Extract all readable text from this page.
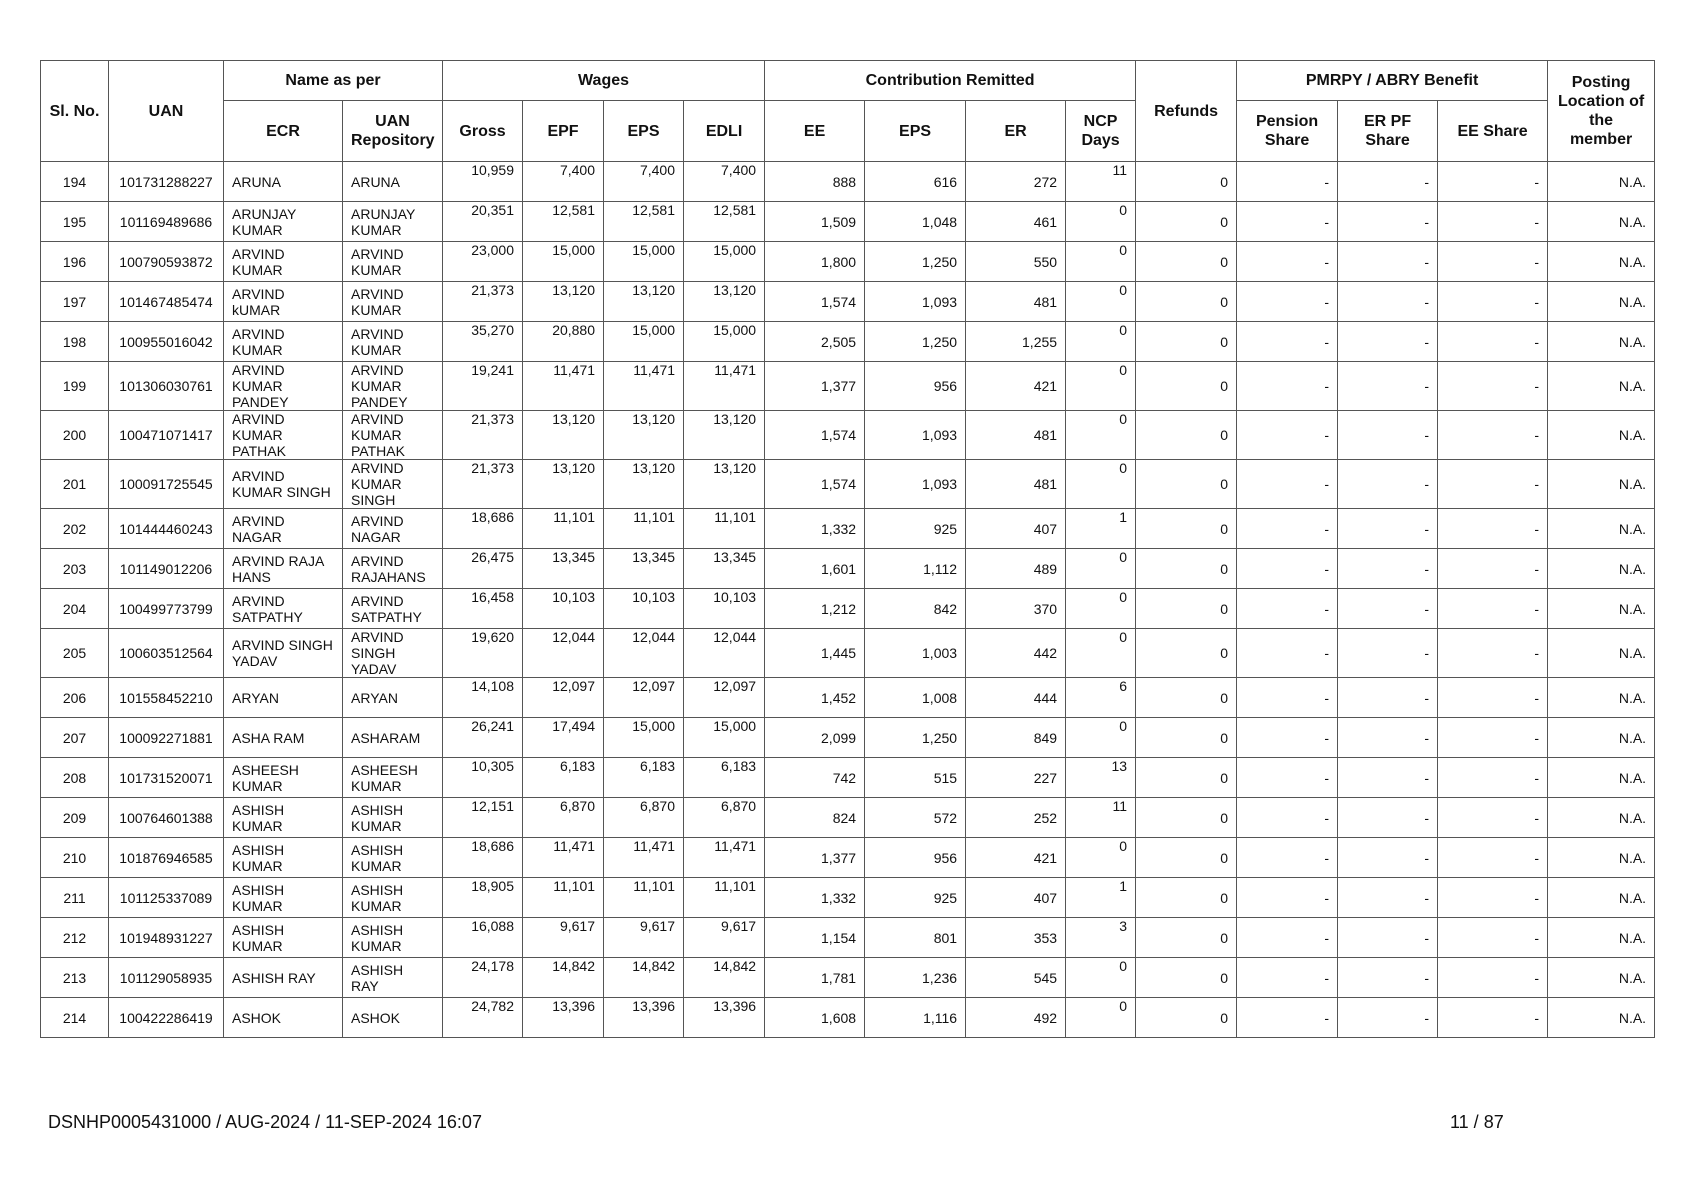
Sl. No.	UAN	Name as per		Wages				Contribution Remitted				Refunds	PMRPY / ABRY Benefit			Posting Location of the member
		ECR	UAN Repository	Gross	EPF	EPS	EDLI	EE	EPS	ER	NCP Days		Pension Share	ER PF Share	EE Share	
194	101731288227	ARUNA	ARUNA	10,959	7,400	7,400	7,400	888	616	272	11	0	-	-	-	N.A.
195	101169489686	ARUNJAY KUMAR	ARUNJAY KUMAR	20,351	12,581	12,581	12,581	1,509	1,048	461	0	0	-	-	-	N.A.
196	100790593872	ARVIND KUMAR	ARVIND KUMAR	23,000	15,000	15,000	15,000	1,800	1,250	550	0	0	-	-	-	N.A.
197	101467485474	ARVIND kUMAR	ARVIND KUMAR	21,373	13,120	13,120	13,120	1,574	1,093	481	0	0	-	-	-	N.A.
198	100955016042	ARVIND KUMAR	ARVIND KUMAR	35,270	20,880	15,000	15,000	2,505	1,250	1,255	0	0	-	-	-	N.A.
199	101306030761	ARVIND KUMAR PANDEY	ARVIND KUMAR PANDEY	19,241	11,471	11,471	11,471	1,377	956	421	0	0	-	-	-	N.A.
200	100471071417	ARVIND KUMAR PATHAK	ARVIND KUMAR PATHAK	21,373	13,120	13,120	13,120	1,574	1,093	481	0	0	-	-	-	N.A.
201	100091725545	ARVIND KUMAR SINGH	ARVIND KUMAR SINGH	21,373	13,120	13,120	13,120	1,574	1,093	481	0	0	-	-	-	N.A.
202	101444460243	ARVIND NAGAR	ARVIND NAGAR	18,686	11,101	11,101	11,101	1,332	925	407	1	0	-	-	-	N.A.
203	101149012206	ARVIND RAJA HANS	ARVIND RAJAHANS	26,475	13,345	13,345	13,345	1,601	1,112	489	0	0	-	-	-	N.A.
204	100499773799	ARVIND SATPATHY	ARVIND SATPATHY	16,458	10,103	10,103	10,103	1,212	842	370	0	0	-	-	-	N.A.
205	100603512564	ARVIND SINGH YADAV	ARVIND SINGH YADAV	19,620	12,044	12,044	12,044	1,445	1,003	442	0	0	-	-	-	N.A.
206	101558452210	ARYAN	ARYAN	14,108	12,097	12,097	12,097	1,452	1,008	444	6	0	-	-	-	N.A.
207	100092271881	ASHA RAM	ASHARAM	26,241	17,494	15,000	15,000	2,099	1,250	849	0	0	-	-	-	N.A.
208	101731520071	ASHEESH KUMAR	ASHEESH KUMAR	10,305	6,183	6,183	6,183	742	515	227	13	0	-	-	-	N.A.
209	100764601388	ASHISH KUMAR	ASHISH KUMAR	12,151	6,870	6,870	6,870	824	572	252	11	0	-	-	-	N.A.
210	101876946585	ASHISH KUMAR	ASHISH KUMAR	18,686	11,471	11,471	11,471	1,377	956	421	0	0	-	-	-	N.A.
211	101125337089	ASHISH KUMAR	ASHISH KUMAR	18,905	11,101	11,101	11,101	1,332	925	407	1	0	-	-	-	N.A.
212	101948931227	ASHISH KUMAR	ASHISH KUMAR	16,088	9,617	9,617	9,617	1,154	801	353	3	0	-	-	-	N.A.
213	101129058935	ASHISH RAY	ASHISH RAY	24,178	14,842	14,842	14,842	1,781	1,236	545	0	0	-	-	-	N.A.
214	100422286419	ASHOK	ASHOK	24,782	13,396	13,396	13,396	1,608	1,116	492	0	0	-	-	-	N.A.
DSNHP0005431000 / AUG-2024 / 11-SEP-2024 16:07	11 / 87
